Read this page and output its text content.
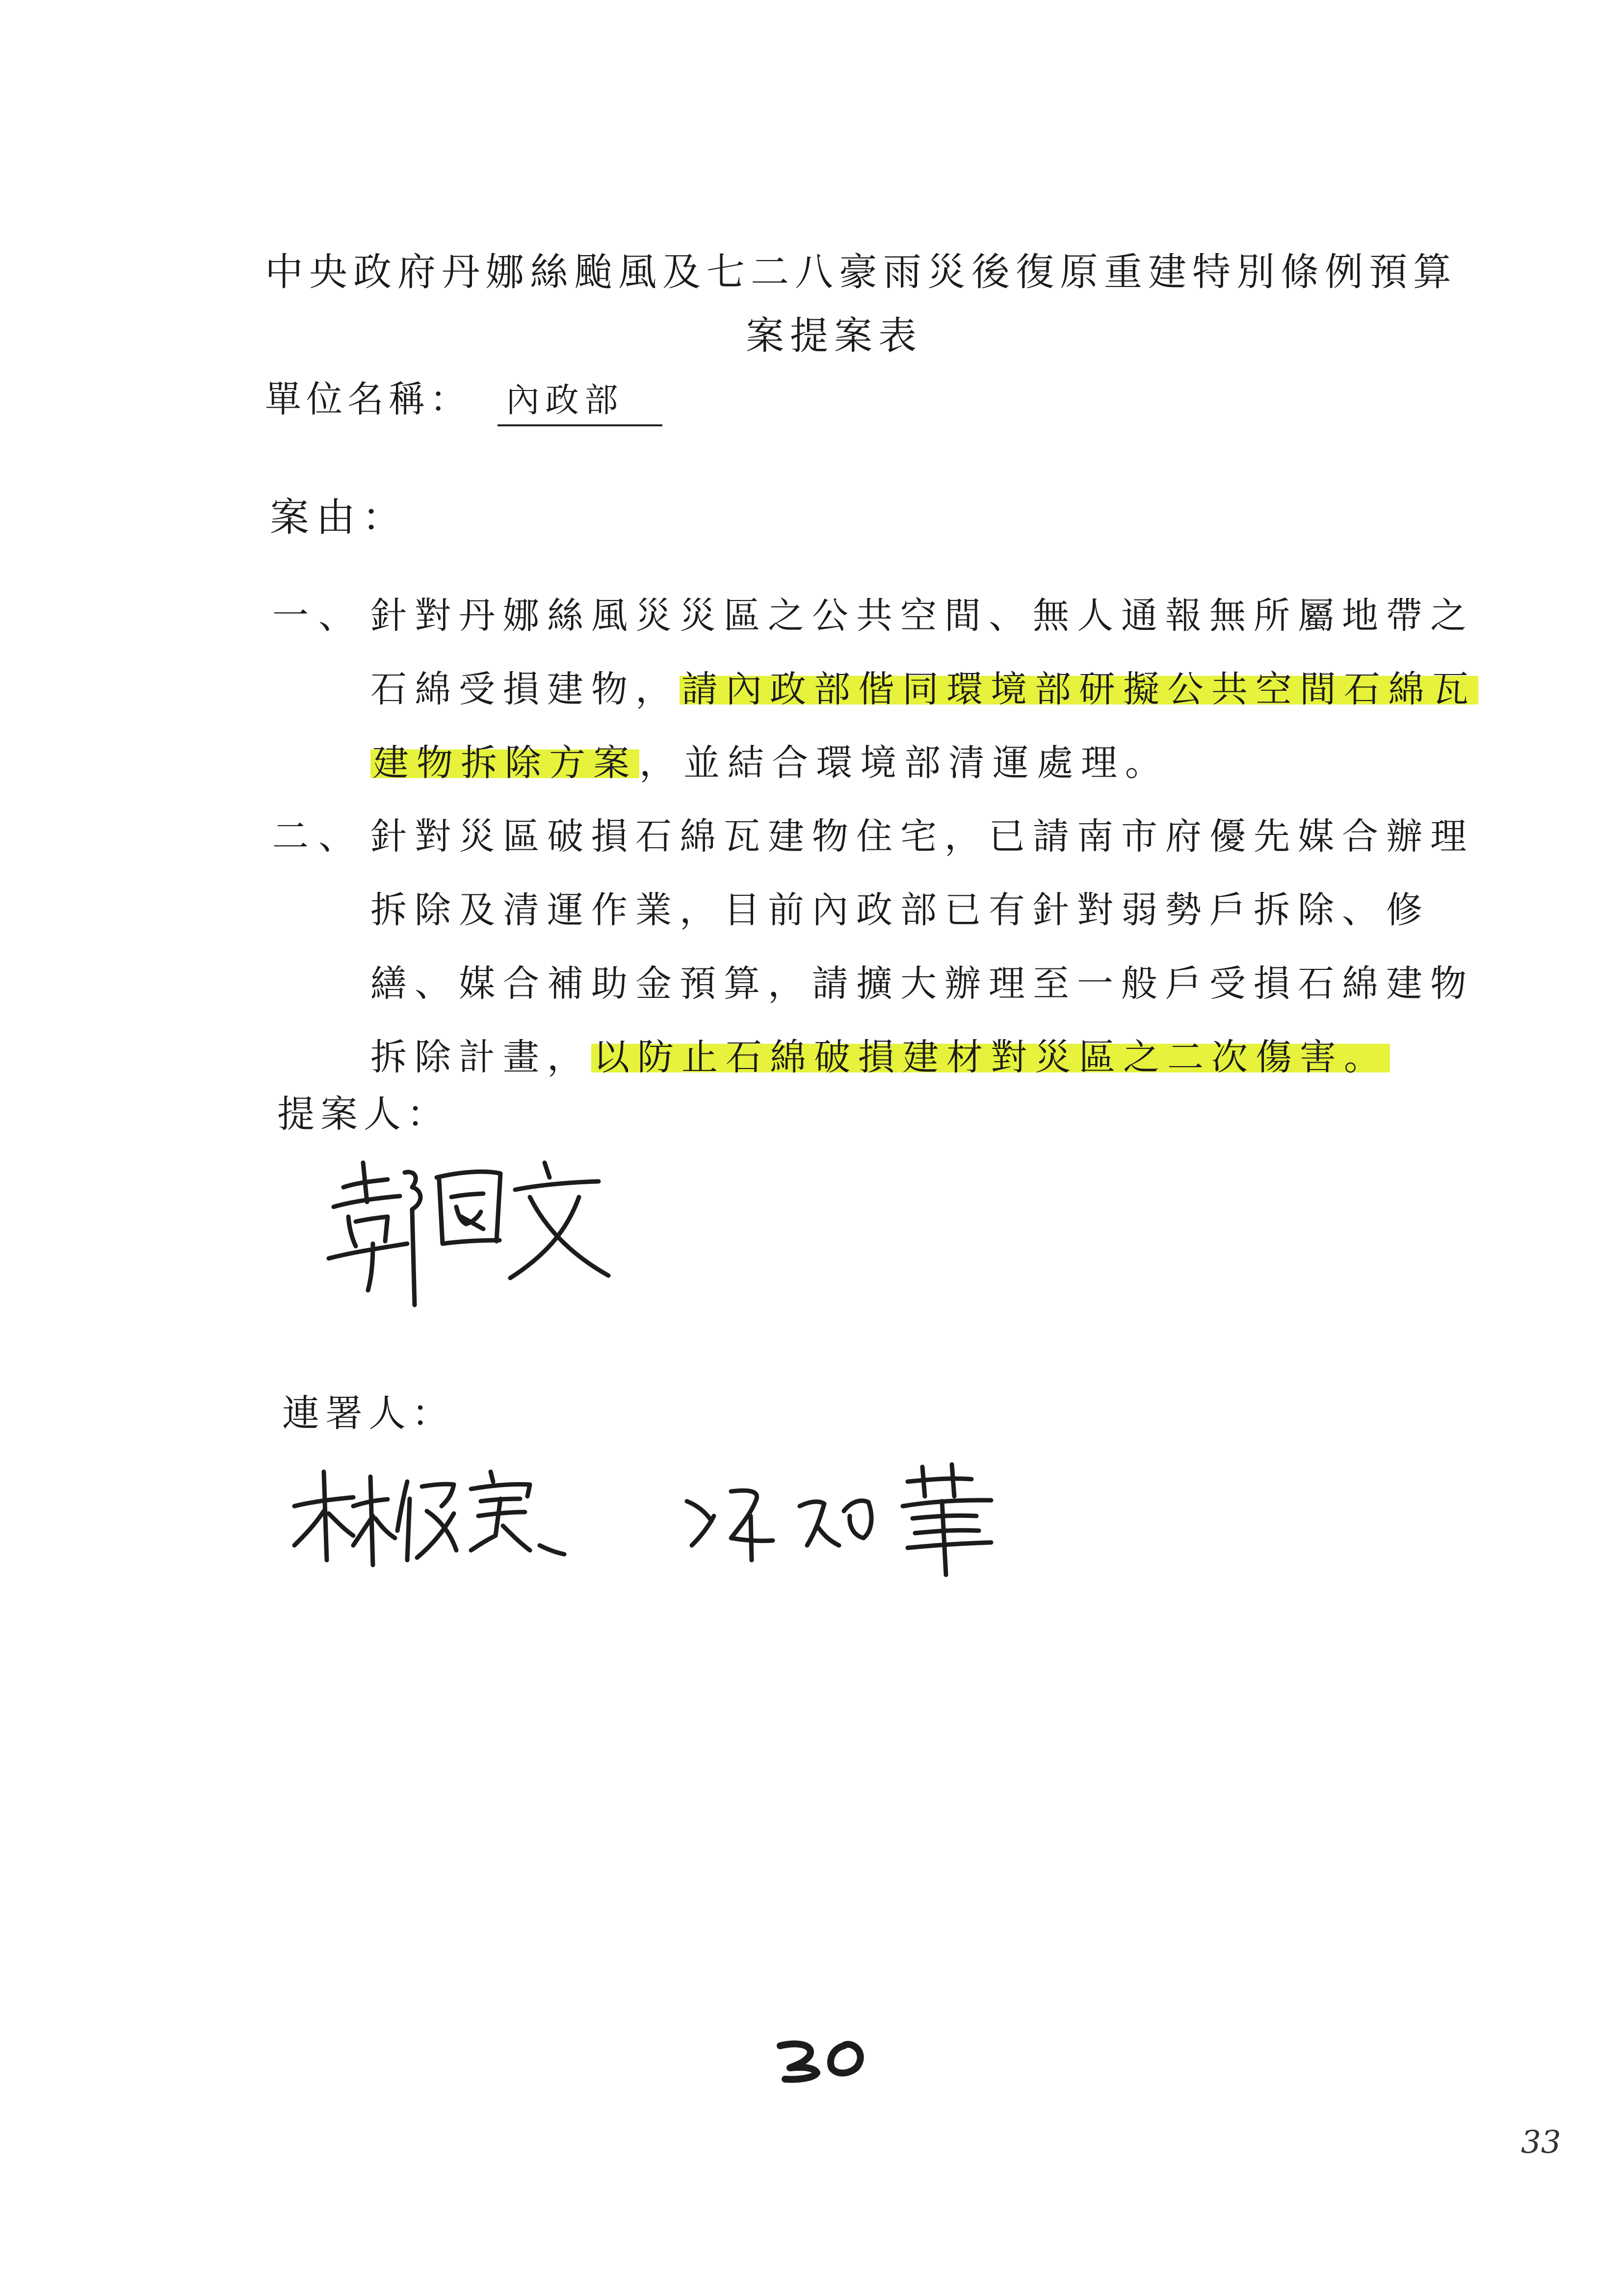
中央政府丹娜絲颱風及七二八豪雨災後復原重建特別條例預算
案提案表
單位名稱： 內政部
案由：
一、 針對丹娜絲風災災區之公共空間、無人通報無所屬地帶之
石綿受損建物，請內政部偕同環境部研擬公共空間石綿瓦
建物拆除方案，並結合環境部清運處理。
二、 針對災區破損石綿瓦建物住宅，已請南市府優先媒合辦理
拆除及清運作業，目前內政部已有針對弱勢戶拆除、修
繕、媒合補助金預算，請擴大辦理至一般戶受損石綿建物
拆除計畫，以防止石綿破損建材對災區之二次傷害。
提案人：
連署人：
33
